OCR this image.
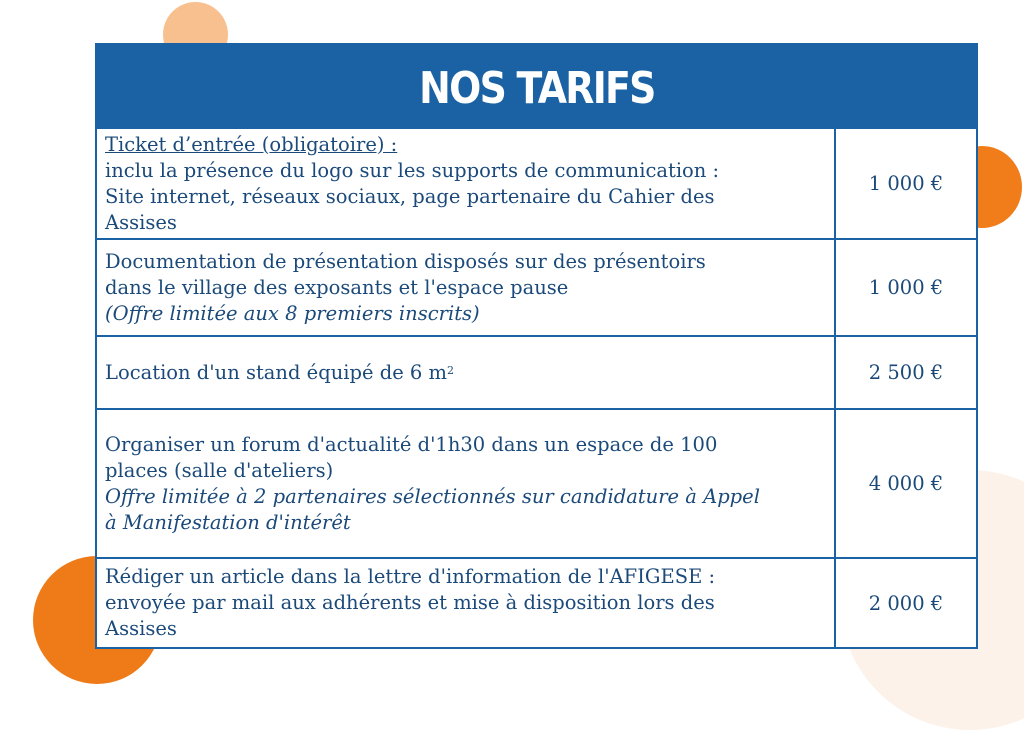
NOS TARIFS
Ticket d’entrée (obligatoire) :
inclu la présence du logo sur les supports de communication :
Site internet, réseaux sociaux, page partenaire du Cahier des
Assises
1 000 €
Documentation de présentation disposés sur des présentoirs
dans le village des exposants et l'espace pause
(Offre limitée aux 8 premiers inscrits)
1 000 €
Location d'un stand équipé de 6 $m^2$	2 500 €
Organiser un forum d'actualité d'1h30 dans un espace de 100
places (salle d'ateliers)
Offre limitée à 2 partenaires sélectionnés sur candidature à Appel
à Manifestation d'intérêt
4 000 €
Rédiger un article dans la lettre d'information de l'AFIGESE :
envoyée par mail aux adhérents et mise à disposition lors des
Assises
2 000 €
